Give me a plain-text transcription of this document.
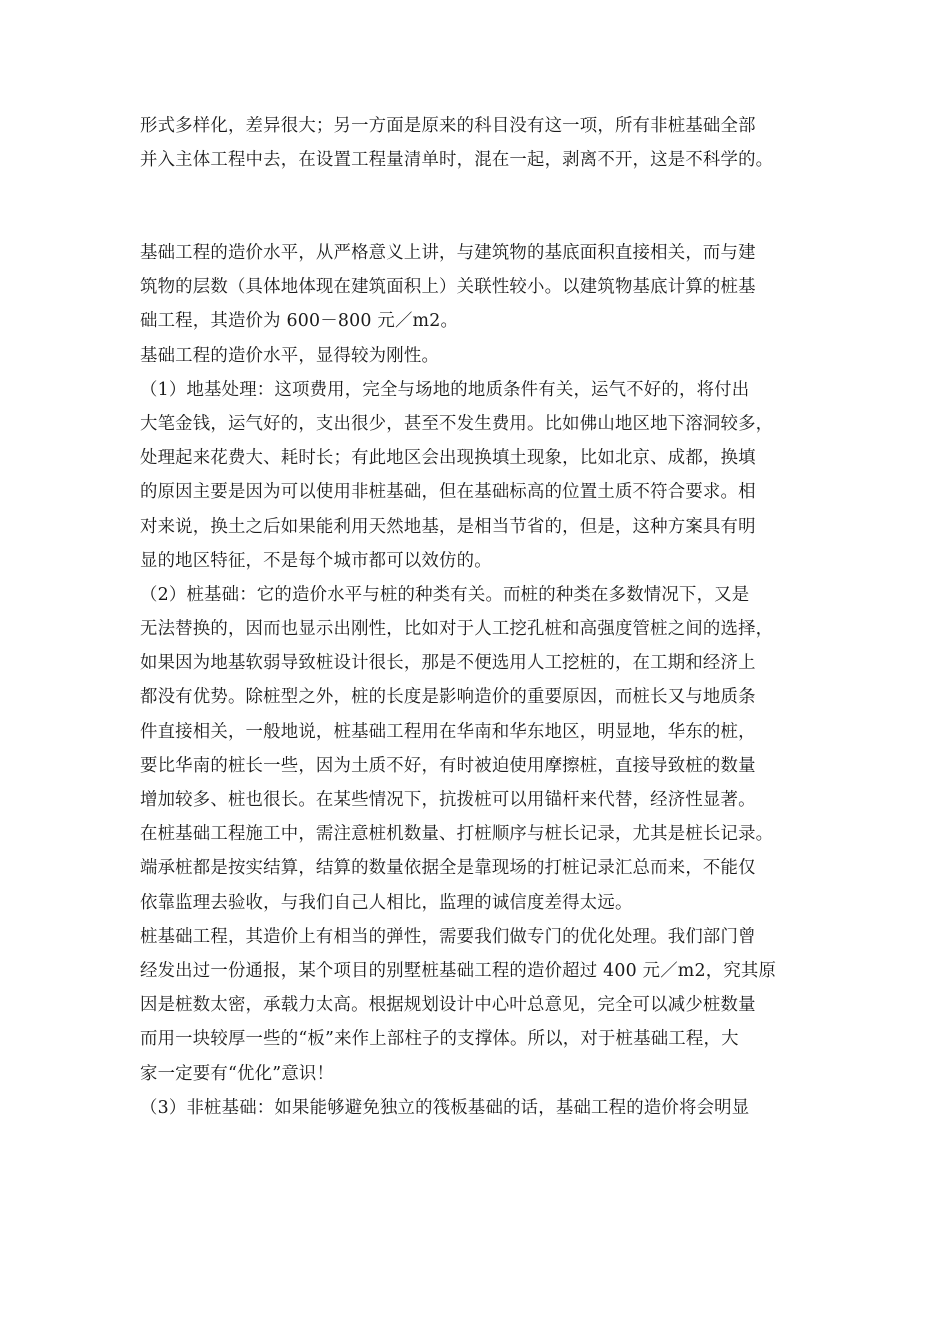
形式多样化，差异很大；另一方面是原来的科目没有这一项，所有非桩基础全部
并入主体工程中去，在设置工程量清单时，混在一起，剥离不开，这是不科学的。
基础工程的造价水平，从严格意义上讲，与建筑物的基底面积直接相关，而与建
筑物的层数（具体地体现在建筑面积上）关联性较小。以建筑物基底计算的桩基
础工程，其造价为 600－800 元／m2。
基础工程的造价水平，显得较为刚性。
（1）地基处理：这项费用，完全与场地的地质条件有关，运气不好的，将付出
大笔金钱，运气好的，支出很少，甚至不发生费用。比如佛山地区地下溶洞较多，
处理起来花费大、耗时长；有此地区会出现换填土现象，比如北京、成都，换填
的原因主要是因为可以使用非桩基础，但在基础标高的位置土质不符合要求。相
对来说，换土之后如果能利用天然地基，是相当节省的，但是，这种方案具有明
显的地区特征，不是每个城市都可以效仿的。
（2）桩基础：它的造价水平与桩的种类有关。而桩的种类在多数情况下，又是
无法替换的，因而也显示出刚性，比如对于人工挖孔桩和高强度管桩之间的选择，
如果因为地基软弱导致桩设计很长，那是不便选用人工挖桩的，在工期和经济上
都没有优势。除桩型之外，桩的长度是影响造价的重要原因，而桩长又与地质条
件直接相关，一般地说，桩基础工程用在华南和华东地区，明显地，华东的桩，
要比华南的桩长一些，因为土质不好，有时被迫使用摩擦桩，直接导致桩的数量
增加较多、桩也很长。在某些情况下，抗拨桩可以用锚杆来代替，经济性显著。
在桩基础工程施工中，需注意桩机数量、打桩顺序与桩长记录，尤其是桩长记录。
端承桩都是按实结算，结算的数量依据全是靠现场的打桩记录汇总而来，不能仅
依靠监理去验收，与我们自己人相比，监理的诚信度差得太远。
桩基础工程，其造价上有相当的弹性，需要我们做专门的优化处理。我们部门曾
经发出过一份通报，某个项目的别墅桩基础工程的造价超过 400 元／m2，究其原
因是桩数太密，承载力太高。根据规划设计中心叶总意见，完全可以减少桩数量
而用一块较厚一些的“板”来作上部柱子的支撑体。所以，对于桩基础工程，大
家一定要有“优化”意识！
（3）非桩基础：如果能够避免独立的筏板基础的话，基础工程的造价将会明显
